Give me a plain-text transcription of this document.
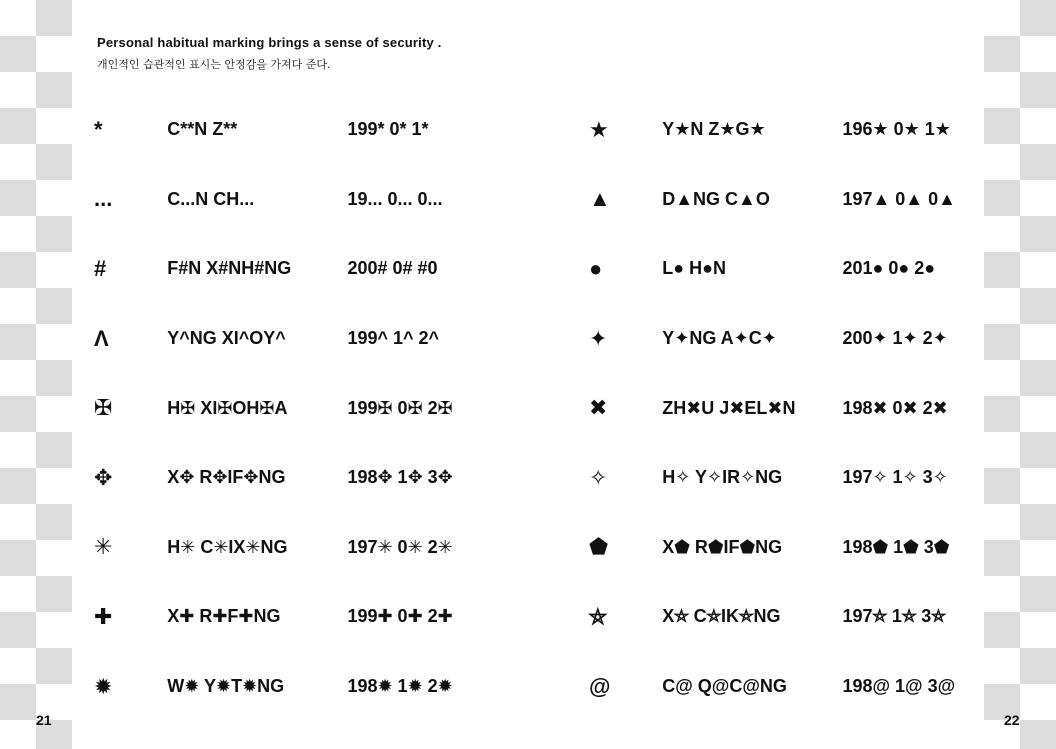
Personal habitual marking brings a sense of security .
개인적인 습관적인 표시는 안정감을 가져다 준다.
*	C**N Z**	199* 0* 1*
...	C...N CH...	19... 0... 0...
#	F#N X#NH#NG	200# 0# #0
Λ	Y^NG XI^OY^	199^ 1^ 2^
✠	H✠ XI✠OH✠A	199✠ 0✠ 2✠
✥	X✥ R✥IF✥NG	198✥ 1✥ 3✥
✳	H✳ C✳IX✳NG	197✳ 0✳ 2✳
✚	X✚ R✚F✚NG	199✚ 0✚ 2✚
✹	W✹ Y✹T✹NG	198✹ 1✹ 2✹
★	Y★N Z★G★	196★ 0★ 1★
▲	D▲NG C▲O	197▲ 0▲ 0▲
●	L● H●N	201● 0● 2●
✦	Y✦NG A✦C✦	200✦ 1✦ 2✦
✖	ZH✖U J✖EL✖N	198✖ 0✖ 2✖
✧	H✧ Y✧IR✧NG	197✧ 1✧ 3✧
⬟	X⬟ R⬟IF⬟NG	198⬟ 1⬟ 3⬟
⛤	X⛤ C⛤IK⛤NG	197⛤ 1⛤ 3⛤
@	C@ Q@C@NG	198@ 1@ 3@
21	22
